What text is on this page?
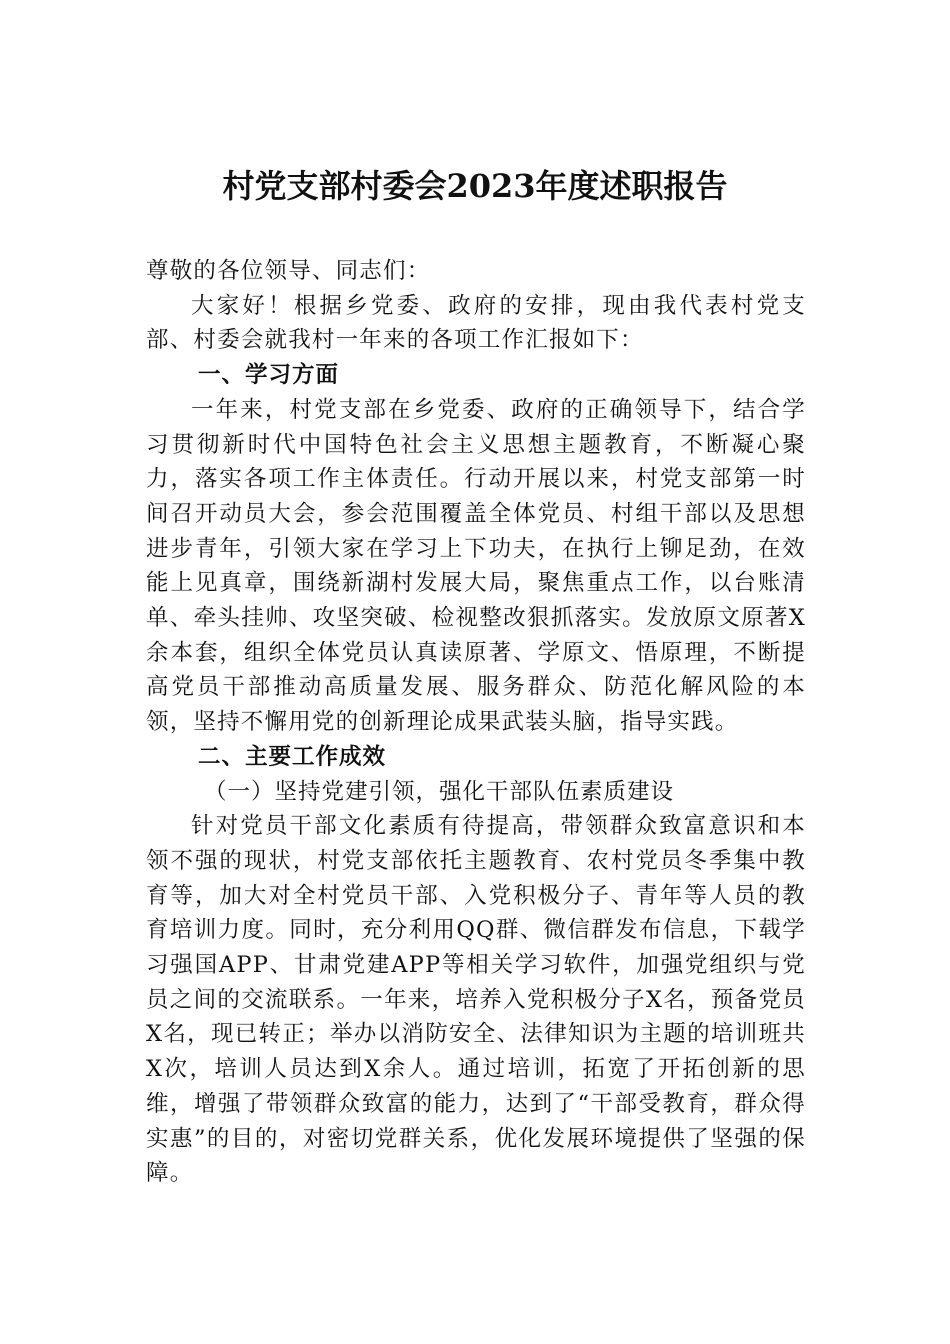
村党支部村委会2023年度述职报告

尊敬的各位领导、同志们：

大家好！根据乡党委、政府的安排，现由我代表村党支部、村委会就我村一年来的各项工作汇报如下：

一、学习方面

一年来，村党支部在乡党委、政府的正确领导下，结合学习贯彻新时代中国特色社会主义思想主题教育，不断凝心聚力，落实各项工作主体责任。行动开展以来，村党支部第一时间召开动员大会，参会范围覆盖全体党员、村组干部以及思想进步青年，引领大家在学习上下功夫，在执行上铆足劲，在效能上见真章，围绕新湖村发展大局，聚焦重点工作，以台账清单、牵头挂帅、攻坚突破、检视整改狠抓落实。发放原文原著X余本套，组织全体党员认真读原著、学原文、悟原理，不断提高党员干部推动高质量发展、服务群众、防范化解风险的本领，坚持不懈用党的创新理论成果武装头脑，指导实践。

二、主要工作成效

（一）坚持党建引领，强化干部队伍素质建设

针对党员干部文化素质有待提高，带领群众致富意识和本领不强的现状，村党支部依托主题教育、农村党员冬季集中教育等，加大对全村党员干部、入党积极分子、青年等人员的教育培训力度。同时，充分利用QQ群、微信群发布信息，下载学习强国APP、甘肃党建APP等相关学习软件，加强党组织与党员之间的交流联系。一年来，培养入党积极分子X名，预备党员X名，现已转正；举办以消防安全、法律知识为主题的培训班共X次，培训人员达到X余人。通过培训，拓宽了开拓创新的思维，增强了带领群众致富的能力，达到了“干部受教育，群众得实惠”的目的，对密切党群关系，优化发展环境提供了坚强的保障。
